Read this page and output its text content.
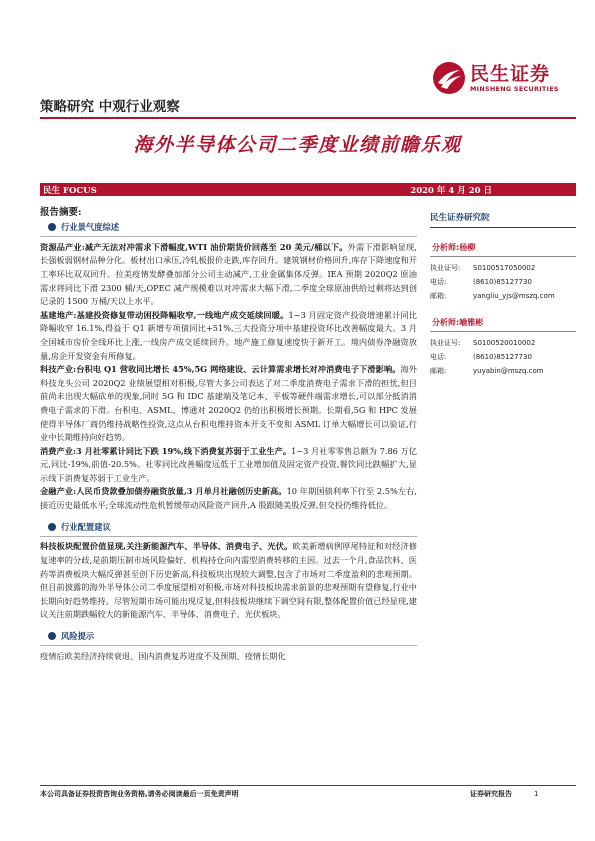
民生证券
MINSHENG SECURITIES
策略研究 中观行业观察
海外半导体公司二季度业绩前瞻乐观
民生 FOCUS	2020 年 4 月 20 日
报告摘要:
行业景气度综述

资源品产业:减产无法对冲需求下滑幅度,WTI 油价期货价回落至 20 美元/桶以下。外需下滑影响显现,长强板弱钢材品种分化。板材出口承压,冷轧板报价走跌,库存回升。建筑钢材价格回升,库存下降速度和开工率环比双双回升。拉美疫情发酵叠加部分公司主动减产,工业金属集体反弹。IEA 预期 2020Q2 原油需求将同比下滑 2300 桶/天,OPEC 减产规模难以对冲需求大幅下滑,二季度全球原油供给过剩将达到创记录的 1500 万桶/天以上水平。

基建地产:基建投资修复带动困投降幅收窄,一线地产成交延续回暖。1~3 月固定资产投资增速累计同比降幅收窄 16.1%,得益于 Q1 新增专项债同比+51%,三大投资分项中基建投资环比改善幅度最大。3 月全国城市房价全线环比上涨,一线房产成交延续回升。地产施工修复速度快于新开工。境内债券净融资放量,房企开发资金有所修复。

科技产业:台积电 Q1 营收同比增长 45%,5G 网络建设、云计算需求增长对冲消费电子下滑影响。海外科技龙头公司 2020Q2 业绩展望相对积极,尽管大多公司表达了对二季度消费电子需求下滑的担忧,但目前尚未出现大幅砍单的现象,同时 5G 和 IDC 基建端及笔记本、平板等硬件端需求增长,可以部分抵消消费电子需求的下滑。台积电、ASML、博通对 2020Q2 仍给出积极增长预期。长期看,5G 和 HPC 发展使得半导体厂商仍维持战略性投资,这点从台积电维持资本开支不变和 ASML 订单大幅增长可以验证,行业中长期维持向好趋势。

消费产业:3 月社零累计同比下跌 19%,线下消费复苏弱于工业生产。1~3 月社零零售总额为 7.86 万亿元,同比-19%,前值-20.5%。社零同比改善幅度远低于工业增加值及固定资产投资,餐饮同比跌幅扩大,显示线下消费复苏弱于工业生产。

金融产业:人民币贷款叠加债券融资放量,3 月单月社融创历史新高。10 年期国债利率下行至 2.5%左右,接近历史最低水平;全球流动性危机暂缓带动风险资产回升,A 股跟随美股反弹,但交投仍维持低位。

行业配置建议

科技板块配置价值显现,关注新能源汽车、半导体、消费电子、光伏。欧美新增病例厚尾特征和对经济修复速率的分歧,是前期压制市场风险偏好、机构持仓向内需型消费转移的主因。过去一个月,食品饮料、医药等消费板块大幅反弹甚至创下历史新高,科技板块出现较大调整,包含了市场对二季度盈利的悲观预期。但目前披露的海外半导体公司二季度展望相对积极,市场对科技板块需求前景的悲观预期有望修复,行业中长期向好趋势维持。尽管短期市场可能出现反复,但科技板块继续下调空间有限,整体配置价值已经显现,建议关注前期跌幅较大的新能源汽车、半导体、消费电子、光伏板块。

风险提示

疫情后欧美经济持续衰退、国内消费复苏进度不及预期、疫情长期化

民生证券研究院
分析师:杨柳
执业证号:	S0100517050002
电话:	(8610)85127730
邮箱:	yangliu_yjs@mszq.com
分析师:喻雅彬
执业证号:	S0100520010002
电话:	(8610)85127730
邮箱:	yuyabin@mszq.com
本公司具备证券投资咨询业务资格,请务必阅读最后一页免责声明	证券研究报告	1
